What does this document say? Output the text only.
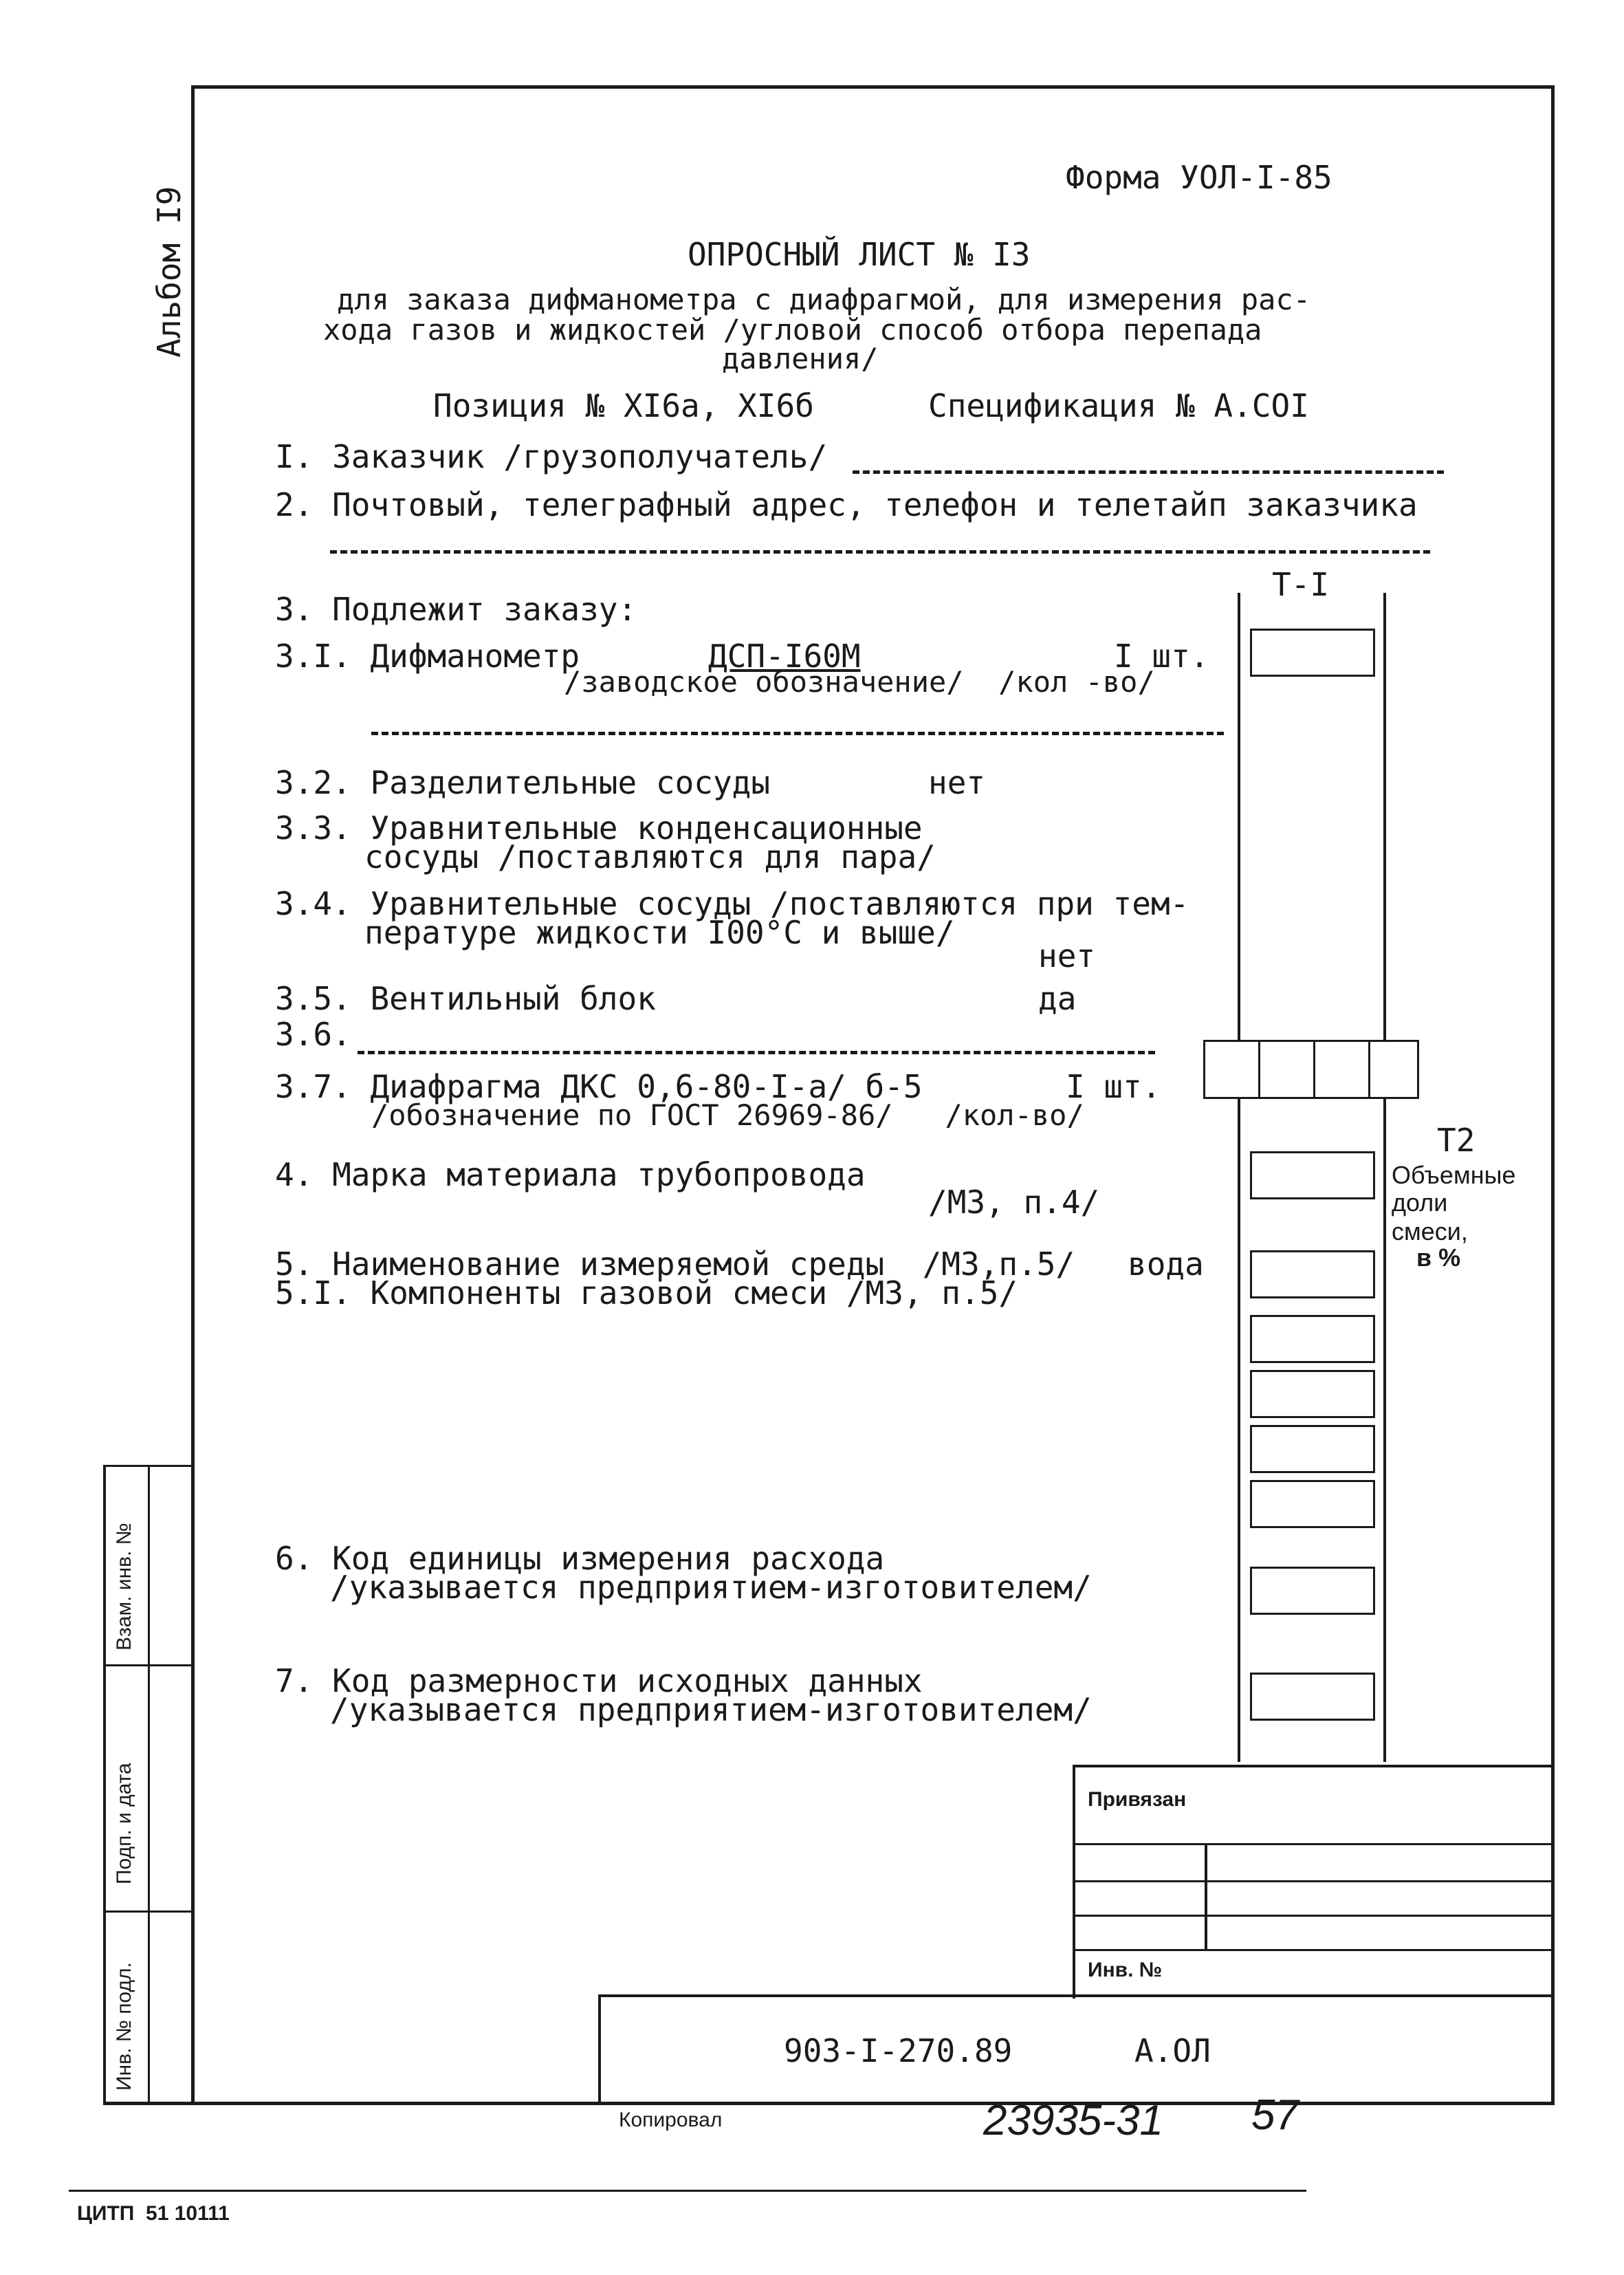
Взам. инв. №
Подп. и дата
Инв. № подл.
Альбом I9
Форма УОЛ-I-85
ОПРОСНЫЙ ЛИСТ № I3
для заказа дифманометра с диафрагмой, для измерения рас-
хода газов и жидкостей /угловой способ отбора перепада
давления/
Позиция № XI6а, XI6б	Спецификация № А.COI
I. Заказчик /грузополучатель/
2. Почтовый, телеграфный адрес, телефон и телетайп заказчика
Т-I
3. Подлежит заказу:
3.I. Дифманометр	ДСП-I60М	I шт.
/заводское обозначение/  /кол -во/
3.2. Разделительные сосуды	нет
3.3. Уравнительные конденсационные
сосуды /поставляются для пара/
3.4. Уравнительные сосуды /поставляются при тем-
пературе жидкости I00°С и выше/
нет
3.5. Вентильный блок	да
3.6.
3.7. Диафрагма ДКС 0,6-80-I-а/ б-5	I шт.
/обозначение по ГОСТ 26969-86/   /кол-во/
Т2
Объемные
доли
смеси,
в %
4. Марка материала трубопровода
/М3, п.4/
5. Наименование измеряемой среды  /М3,п.5/ вода
5.I. Компоненты газовой смеси /М3, п.5/
6. Код единицы измерения расхода
/указывается предприятием-изготовителем/
7. Код размерности исходных данных
/указывается предприятием-изготовителем/
Привязан
Инв. №
903-I-270.89	А.ОЛ
Копировал	23935-31 57
ЦИТП  51 10111
